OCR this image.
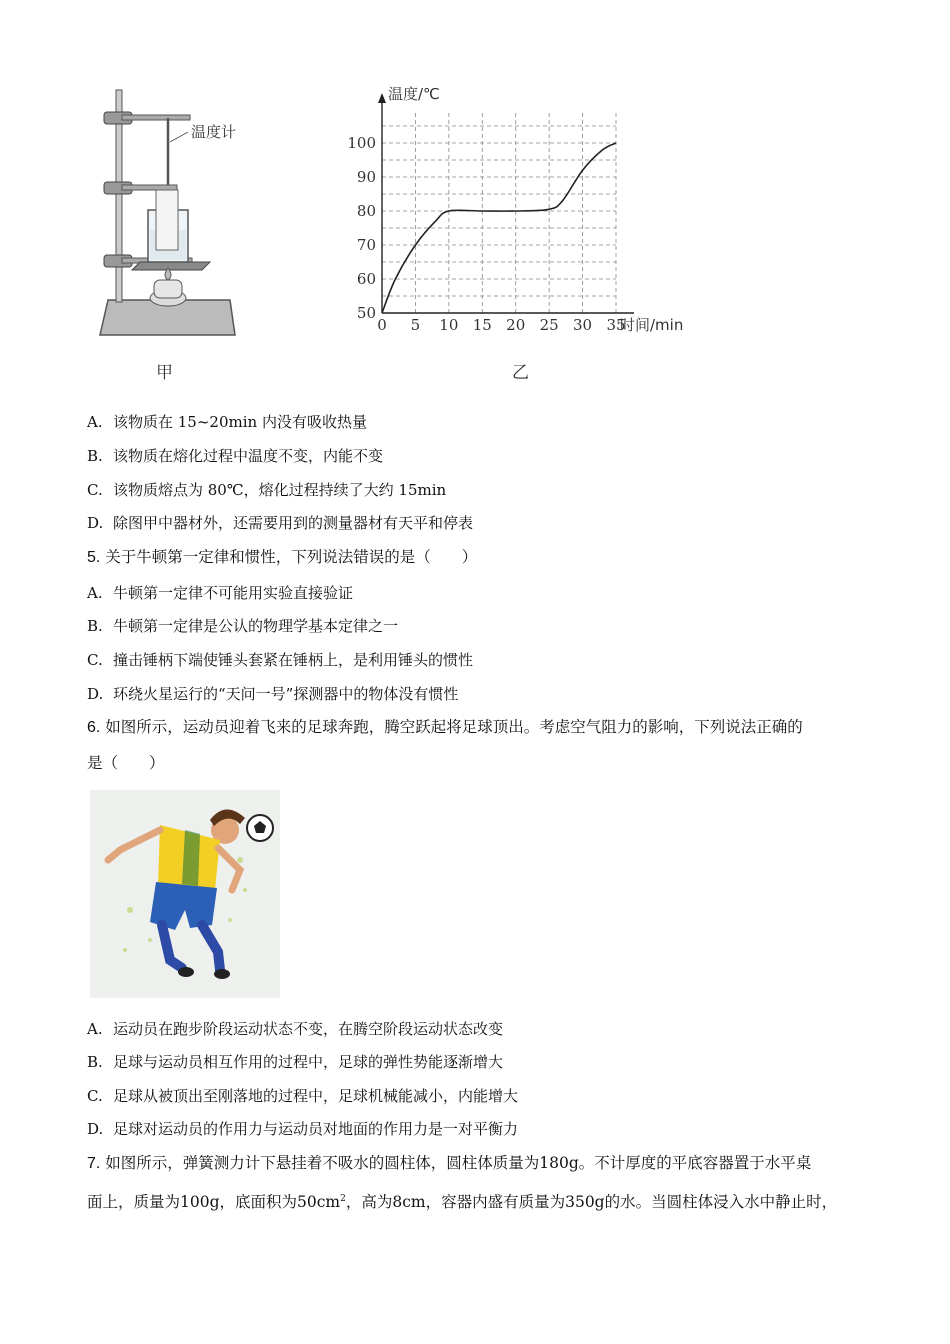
温度计
0 5 10 15 20 25 30 35
50
60
70
80
90
100
温度/℃
时间/min
甲	乙
A. 该物质在 15~20min 内没有吸收热量
B. 该物质在熔化过程中温度不变，内能不变
C. 该物质熔点为 80℃，熔化过程持续了大约 15min
D. 除图甲中器材外，还需要用到的测量器材有天平和停表
5. 关于牛顿第一定律和惯性，下列说法错误的是（　　）
A. 牛顿第一定律不可能用实验直接验证
B. 牛顿第一定律是公认的物理学基本定律之一
C. 撞击锤柄下端使锤头套紧在锤柄上，是利用锤头的惯性
D. 环绕火星运行的“天问一号”探测器中的物体没有惯性
6. 如图所示，运动员迎着飞来的足球奔跑，腾空跃起将足球顶出。考虑空气阻力的影响，下列说法正确的
是（　　）
A. 运动员在跑步阶段运动状态不变，在腾空阶段运动状态改变
B. 足球与运动员相互作用的过程中，足球的弹性势能逐渐增大
C. 足球从被顶出至刚落地的过程中，足球机械能减小，内能增大
D. 足球对运动员的作用力与运动员对地面的作用力是一对平衡力
7. 如图所示，弹簧测力计下悬挂着不吸水的圆柱体，圆柱体质量为180g。不计厚度的平底容器置于水平桌
面上，质量为100g，底面积为$50cm^2$，高为8cm，容器内盛有质量为350g的水。当圆柱体浸入水中静止时，
